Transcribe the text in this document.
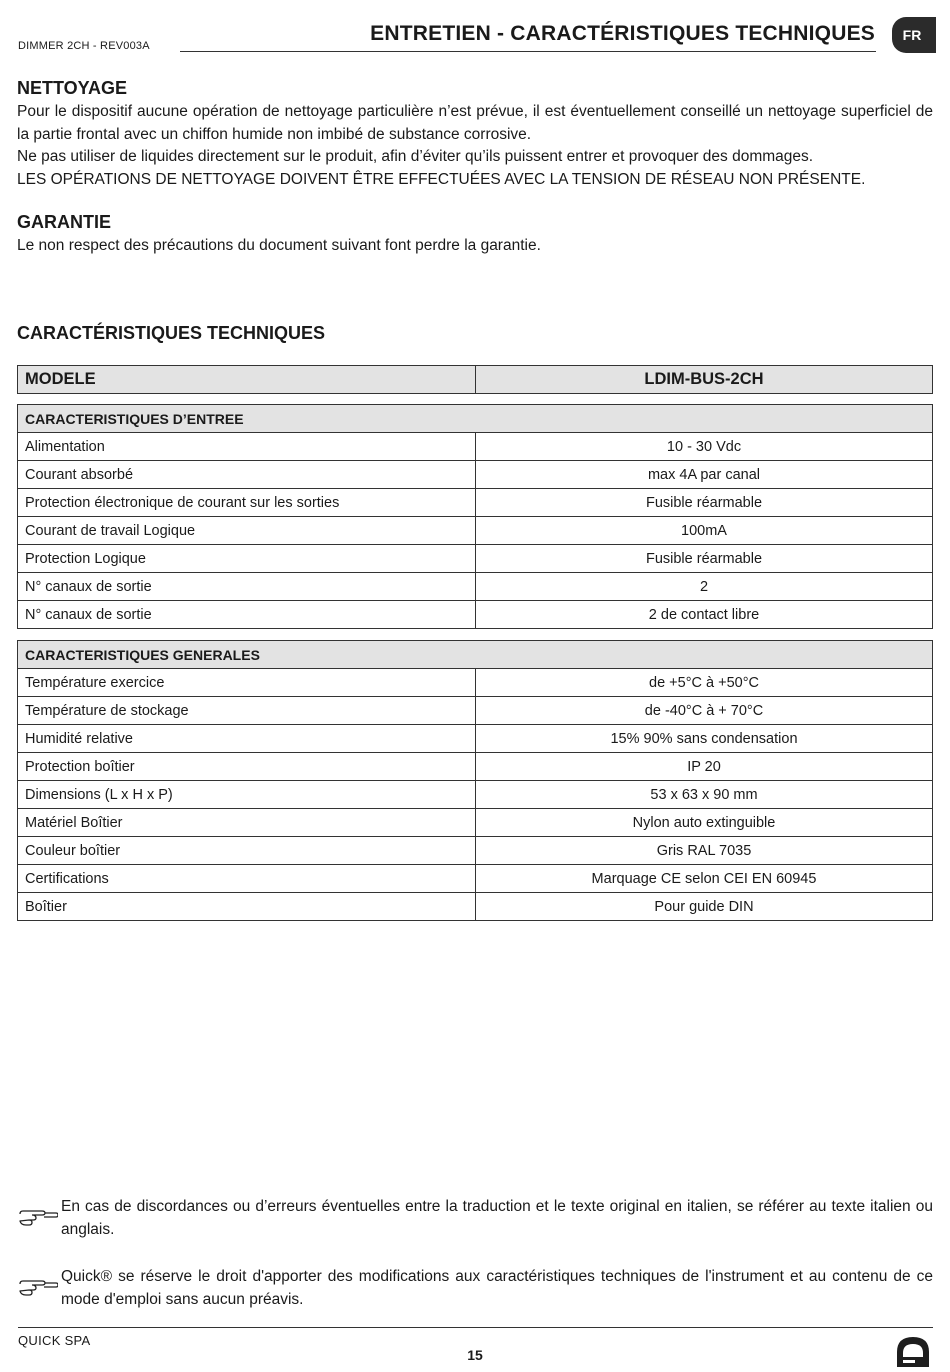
DIMMER 2CH - REV003A
ENTRETIEN - CARACTÉRISTIQUES TECHNIQUES	FR
NETTOYAGE
Pour le dispositif aucune opération de nettoyage particulière n’est prévue, il est éventuellement conseillé un nettoyage superficiel de la partie frontal avec un chiffon humide non imbibé de substance corrosive.
Ne pas utiliser de liquides directement sur le produit, afin d’éviter qu’ils puissent entrer et provoquer des dommages.
LES OPÉRATIONS DE NETTOYAGE DOIVENT ÊTRE EFFECTUÉES AVEC LA TENSION DE RÉSEAU NON PRÉSENTE.
GARANTIE
Le non respect des précautions du document suivant font perdre la garantie.
CARACTÉRISTIQUES TECHNIQUES
MODELE	LDIM-BUS-2CH
CARACTERISTIQUES D’ENTREE	
Alimentation	10 - 30 Vdc
Courant absorbé	max 4A par canal
Protection électronique de courant sur les sorties	Fusible réarmable
Courant de travail Logique	100mA
Protection Logique	Fusible réarmable
N° canaux de sortie	2
N° canaux de sortie	2 de contact libre
CARACTERISTIQUES GENERALES	
Température exercice	de +5°C à +50°C
Température de stockage	de -40°C à + 70°C
Humidité relative	15% 90% sans condensation
Protection boîtier	IP 20
Dimensions (L x H x P)	53 x 63 x 90 mm
Matériel Boîtier	Nylon auto extinguible
Couleur boîtier	Gris RAL 7035
Certifications	Marquage CE selon CEI EN 60945
Boîtier	Pour guide DIN
En cas de discordances ou d’erreurs éventuelles entre la traduction et le texte original en italien, se référer au texte italien ou anglais.
Quick® se réserve le droit d'apporter des modifications aux caractéristiques techniques de l'instrument et au contenu de ce mode d'emploi sans aucun préavis.
QUICK SPA
15
